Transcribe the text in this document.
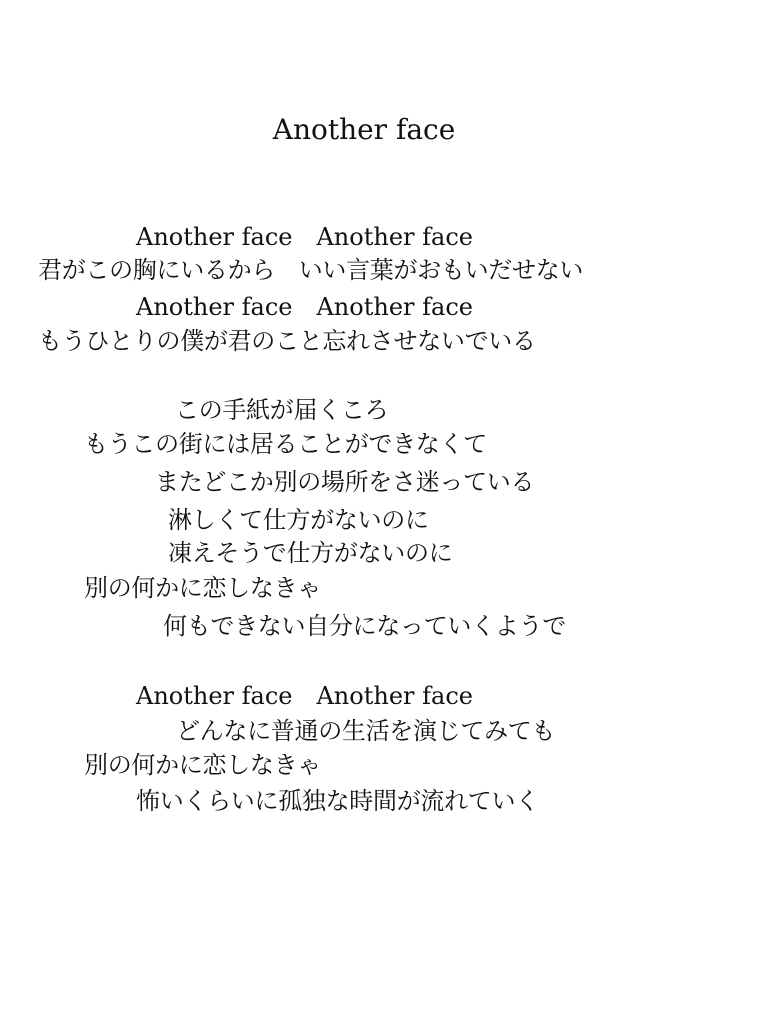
Another face
Another face　Another face
君がこの胸にいるから　いい言葉がおもいだせない
Another face　Another face
もうひとりの僕が君のこと忘れさせないでいる
この手紙が届くころ
もうこの街には居ることができなくて
またどこか別の場所をさ迷っている
淋しくて仕方がないのに
凍えそうで仕方がないのに
別の何かに恋しなきゃ
何もできない自分になっていくようで
Another face　Another face
どんなに普通の生活を演じてみても
別の何かに恋しなきゃ
怖いくらいに孤独な時間が流れていく
